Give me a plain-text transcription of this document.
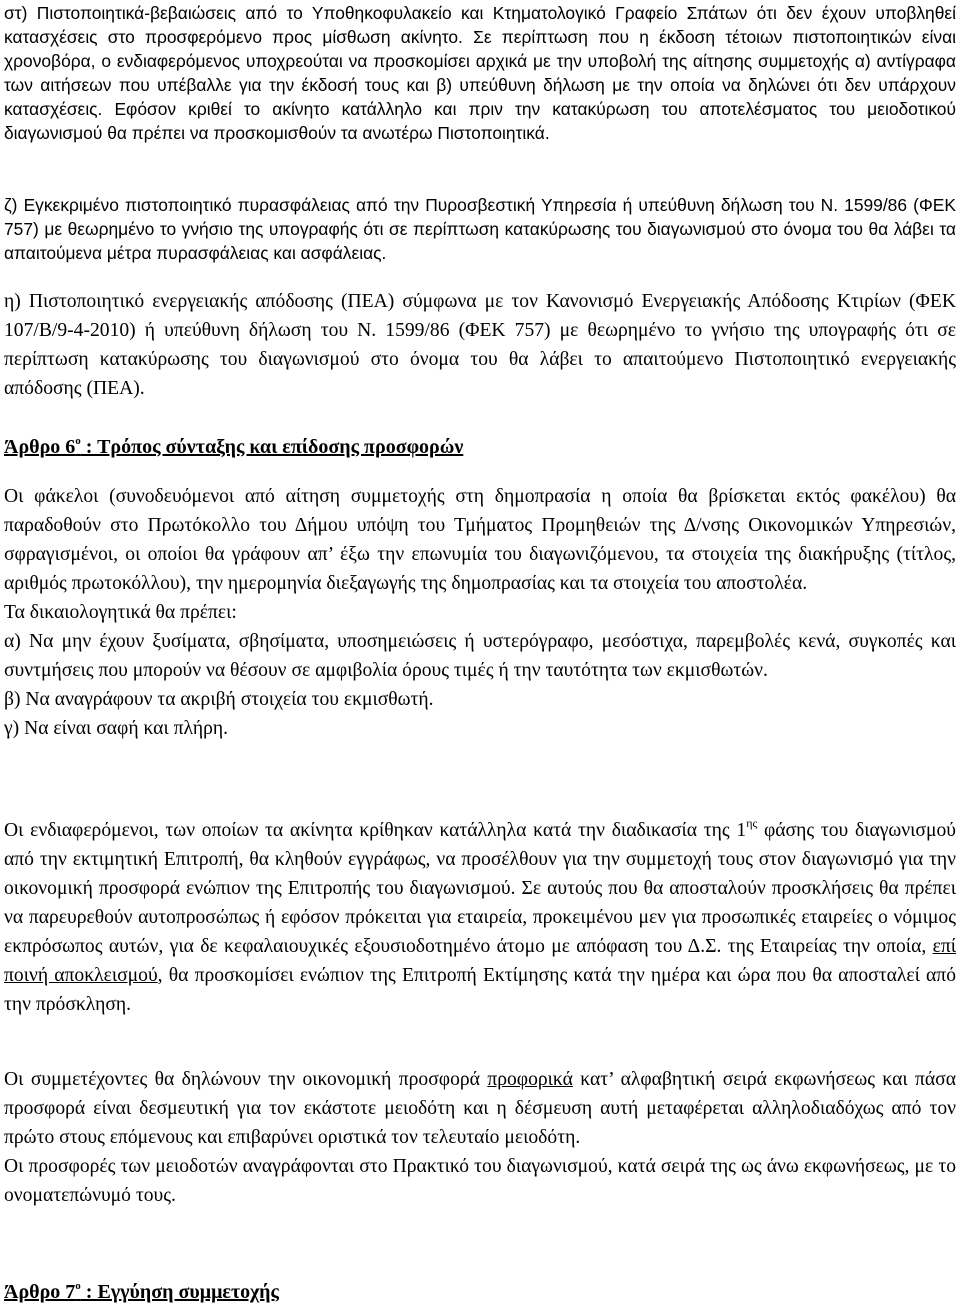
στ) Πιστοποιητικά-βεβαιώσεις από το Υποθηκοφυλακείο και Κτηματολογικό Γραφείο Σπάτων ότι δεν έχουν υποβληθεί κατασχέσεις στο προσφερόμενο προς μίσθωση ακίνητο. Σε περίπτωση που η έκδοση τέτοιων πιστοποιητικών είναι χρονοβόρα, ο ενδιαφερόμενος υποχρεούται να προσκομίσει αρχικά με την υποβολή της αίτησης συμμετοχής α) αντίγραφα των αιτήσεων που υπέβαλλε για την έκδοσή τους και β) υπεύθυνη δήλωση με την οποία να δηλώνει ότι δεν υπάρχουν κατασχέσεις. Εφόσον κριθεί το ακίνητο κατάλληλο και πριν την κατακύρωση του αποτελέσματος του μειοδοτικού διαγωνισμού θα πρέπει να προσκομισθούν τα ανωτέρω Πιστοποιητικά.

ζ) Εγκεκριμένο πιστοποιητικό πυρασφάλειας από την Πυροσβεστική Υπηρεσία ή υπεύθυνη δήλωση του Ν. 1599/86 (ΦΕΚ 757) με θεωρημένο το γνήσιο της υπογραφής ότι σε περίπτωση κατακύρωσης του διαγωνισμού στο όνομα του θα λάβει τα απαιτούμενα μέτρα πυρασφάλειας και ασφάλειας.

η) Πιστοποιητικό ενεργειακής απόδοσης (ΠΕΑ) σύμφωνα με τον Κανονισμό Ενεργειακής Απόδοσης Κτιρίων (ΦΕΚ 107/Β/9-4-2010) ή υπεύθυνη δήλωση του Ν. 1599/86 (ΦΕΚ 757) με θεωρημένο το γνήσιο της υπογραφής ότι σε περίπτωση κατακύρωσης του διαγωνισμού στο όνομα του θα λάβει το απαιτούμενο Πιστοποιητικό ενεργειακής απόδοσης (ΠΕΑ).

Άρθρο $6^o$ : Τρόπος σύνταξης και επίδοσης προσφορών

Οι φάκελοι (συνοδευόμενοι από αίτηση συμμετοχής στη δημοπρασία η οποία θα βρίσκεται εκτός φακέλου) θα παραδοθούν στο Πρωτόκολλο του Δήμου υπόψη του Τμήματος Προμηθειών της Δ/νσης Οικονομικών Υπηρεσιών, σφραγισμένοι, οι οποίοι θα γράφουν απ’ έξω την επωνυμία του διαγωνιζόμενου, τα στοιχεία της διακήρυξης (τίτλος, αριθμός πρωτοκόλλου), την ημερομηνία διεξαγωγής της δημοπρασίας και τα στοιχεία του αποστολέα.

Τα δικαιολογητικά θα πρέπει:

α) Να μην έχουν ξυσίματα, σβησίματα, υποσημειώσεις ή υστερόγραφο, μεσόστιχα, παρεμβολές κενά, συγκοπές και συντμήσεις που μπορούν να θέσουν σε αμφιβολία όρους τιμές ή την ταυτότητα των εκμισθωτών.

β) Να αναγράφουν τα ακριβή στοιχεία του εκμισθωτή.

γ) Να είναι σαφή και πλήρη.

Οι ενδιαφερόμενοι, των οποίων τα ακίνητα κρίθηκαν κατάλληλα κατά την διαδικασία της $1^{\eta\varsigma}$ φάσης του διαγωνισμού από την εκτιμητική Επιτροπή, θα κληθούν εγγράφως, να προσέλθουν για την συμμετοχή τους στον διαγωνισμό για την οικονομική προσφορά ενώπιον της Επιτροπής του διαγωνισμού. Σε αυτούς που θα αποσταλούν προσκλήσεις θα πρέπει να παρευρεθούν αυτοπροσώπως ή εφόσον πρόκειται για εταιρεία, προκειμένου μεν για προσωπικές εταιρείες ο νόμιμος εκπρόσωπος αυτών, για δε κεφαλαιουχικές εξουσιοδοτημένο άτομο με απόφαση του Δ.Σ. της Εταιρείας την οποία, επί ποινή αποκλεισμού, θα προσκομίσει ενώπιον της Επιτροπή Εκτίμησης κατά την ημέρα και ώρα που θα αποσταλεί από την πρόσκληση.

Οι συμμετέχοντες θα δηλώνουν την οικονομική προσφορά προφορικά κατ’ αλφαβητική σειρά εκφωνήσεως και πάσα προσφορά είναι δεσμευτική για τον εκάστοτε μειοδότη και η δέσμευση αυτή μεταφέρεται αλληλοδιαδόχως από τον πρώτο στους επόμενους και επιβαρύνει οριστικά τον τελευταίο μειοδότη.

Οι προσφορές των μειοδοτών αναγράφονται στο Πρακτικό του διαγωνισμού, κατά σειρά της ως άνω εκφωνήσεως, με το ονοματεπώνυμό τους.

Άρθρο $7^o$ : Εγγύηση συμμετοχής
